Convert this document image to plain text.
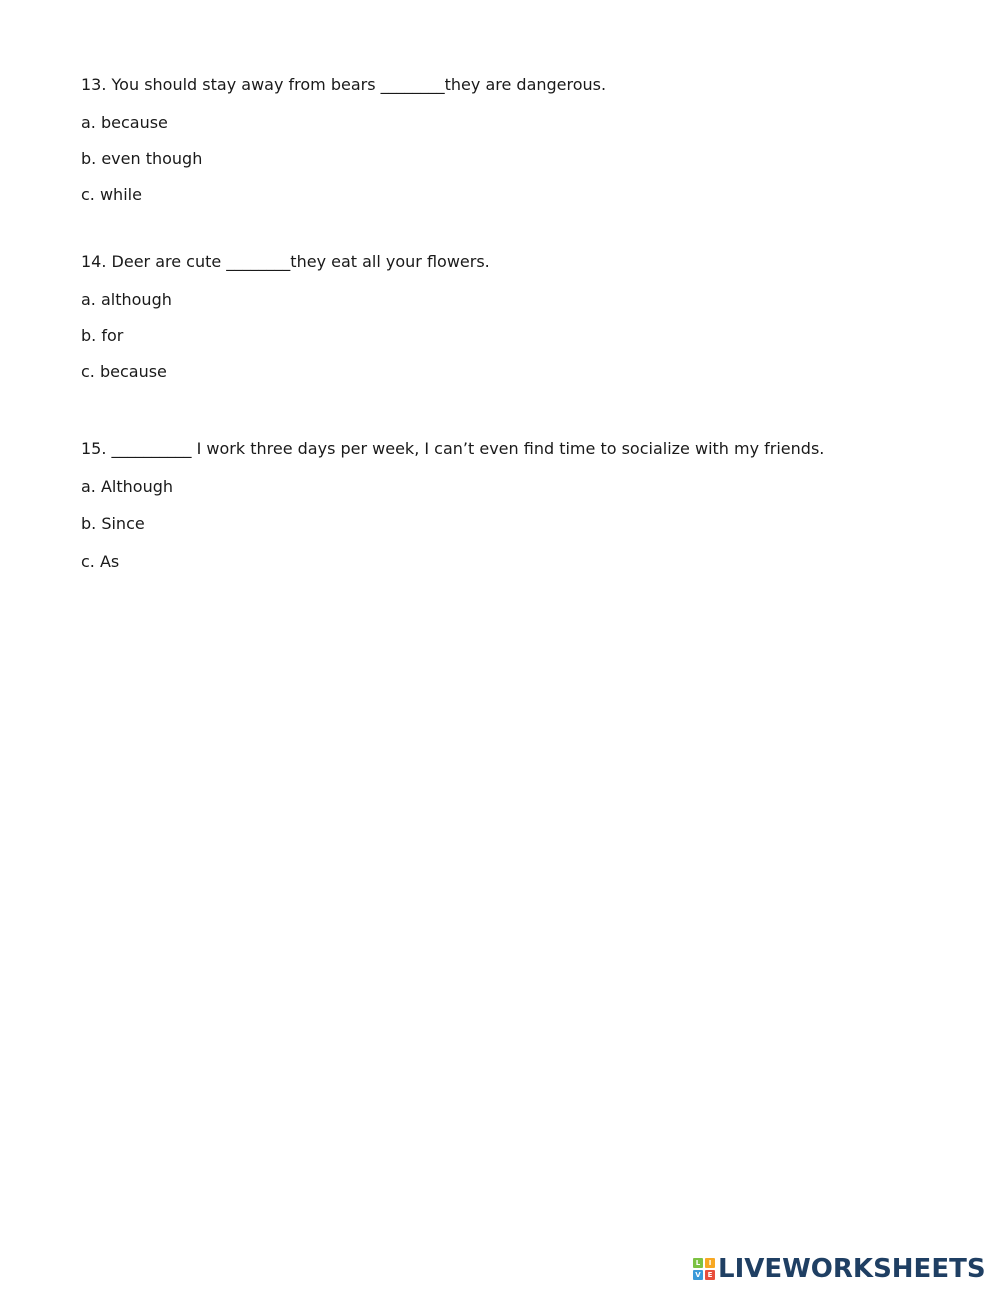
13. You should stay away from bears ________they are dangerous.
a. because
b. even though
c. while
14. Deer are cute ________they eat all your flowers.
a. although
b. for
c. because
15. __________ I work three days per week, I can’t even find time to socialize with my friends.
a. Although
b. Since
c. As
L	I
V E LIVEWORKSHEETS
